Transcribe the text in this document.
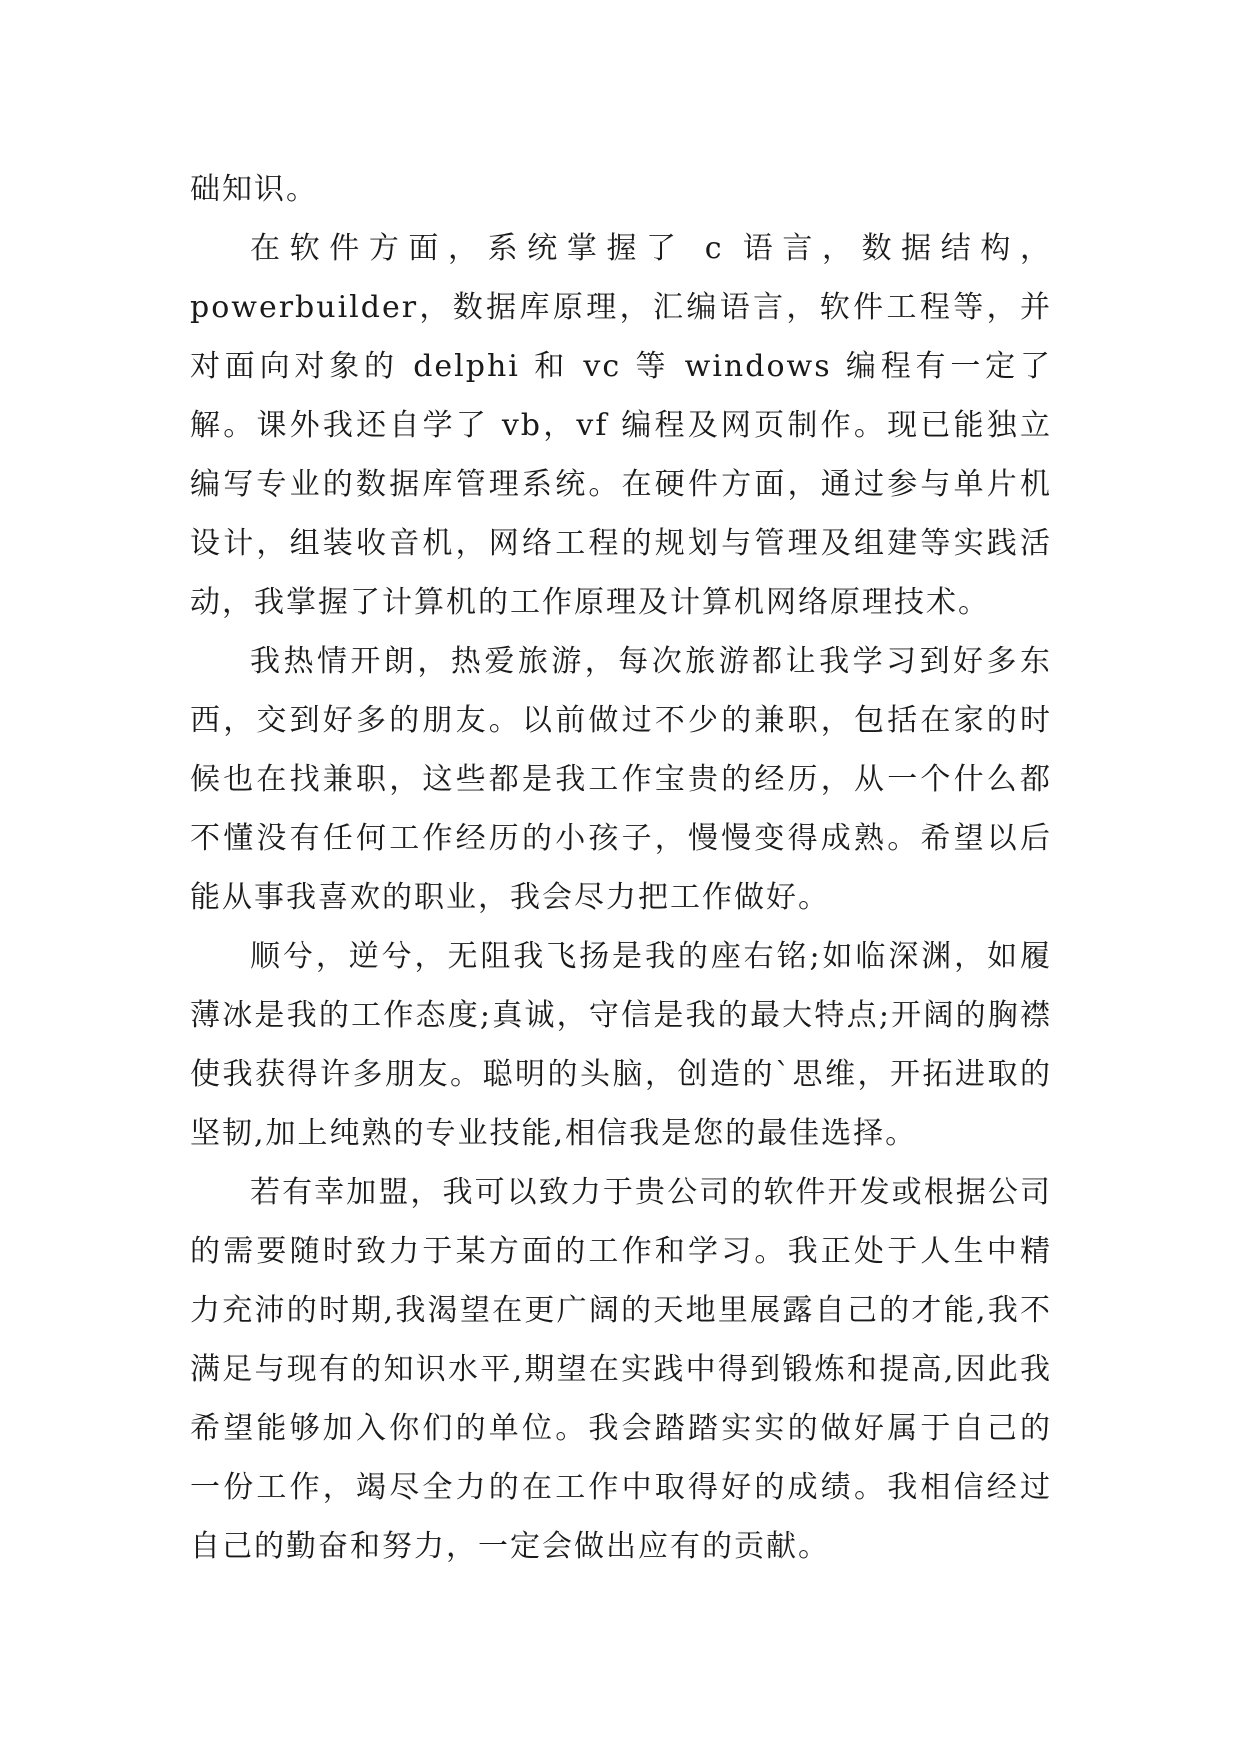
础知识。

在软件方面，系统掌握了 c 语言，数据结构，powerbuilder，数据库原理，汇编语言，软件工程等，并对面向对象的 delphi 和 vc 等 windows 编程有一定了解。课外我还自学了 vb，vf 编程及网页制作。现已能独立编写专业的数据库管理系统。在硬件方面，通过参与单片机设计，组装收音机，网络工程的规划与管理及组建等实践活动，我掌握了计算机的工作原理及计算机网络原理技术。

我热情开朗，热爱旅游，每次旅游都让我学习到好多东西，交到好多的朋友。以前做过不少的兼职，包括在家的时候也在找兼职，这些都是我工作宝贵的经历，从一个什么都不懂没有任何工作经历的小孩子，慢慢变得成熟。希望以后能从事我喜欢的职业，我会尽力把工作做好。

顺兮，逆兮，无阻我飞扬是我的座右铭;如临深渊，如履薄冰是我的工作态度;真诚，守信是我的最大特点;开阔的胸襟使我获得许多朋友。聪明的头脑，创造的`思维，开拓进取的坚韧,加上纯熟的专业技能,相信我是您的最佳选择。

若有幸加盟，我可以致力于贵公司的软件开发或根据公司的需要随时致力于某方面的工作和学习。我正处于人生中精力充沛的时期,我渴望在更广阔的天地里展露自己的才能,我不满足与现有的知识水平,期望在实践中得到锻炼和提高,因此我希望能够加入你们的单位。我会踏踏实实的做好属于自己的一份工作，竭尽全力的在工作中取得好的成绩。我相信经过自己的勤奋和努力，一定会做出应有的贡献。
